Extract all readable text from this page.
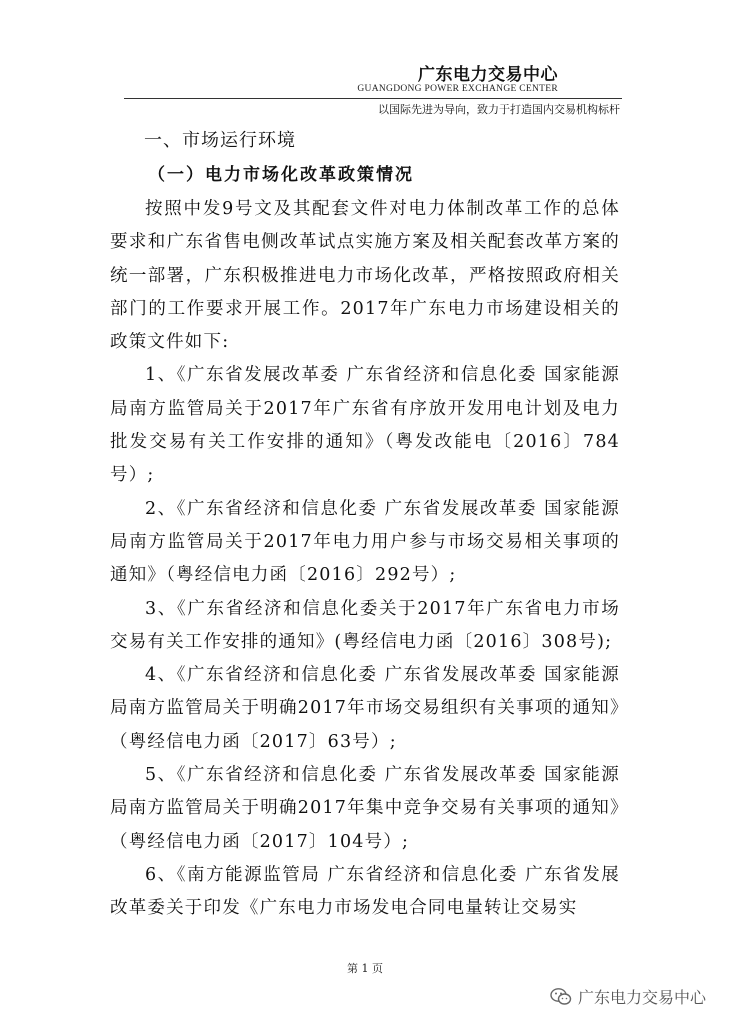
广东电力交易中心
GUANGDONG POWER EXCHANGE CENTER
以国际先进为导向，致力于打造国内交易机构标杆
一、市场运行环境
（一）电力市场化改革政策情况

按照中发9号文及其配套文件对电力体制改革工作的总体要求和广东省售电侧改革试点实施方案及相关配套改革方案的统一部署，广东积极推进电力市场化改革，严格按照政府相关部门的工作要求开展工作。2017年广东电力市场建设相关的政策文件如下:

1、《广东省发展改革委 广东省经济和信息化委 国家能源局南方监管局关于2017年广东省有序放开发用电计划及电力批发交易有关工作安排的通知》（粤发改能电〔2016〕784号）;

2、《广东省经济和信息化委 广东省发展改革委 国家能源局南方监管局关于2017年电力用户参与市场交易相关事项的通知》（粤经信电力函〔2016〕292号）;

3、《广东省经济和信息化委关于2017年广东省电力市场交易有关工作安排的通知》(粤经信电力函〔2016〕308号);

4、《广东省经济和信息化委 广东省发展改革委 国家能源局南方监管局关于明确2017年市场交易组织有关事项的通知》（粤经信电力函〔2017〕63号）;

5、《广东省经济和信息化委 广东省发展改革委 国家能源局南方监管局关于明确2017年集中竞争交易有关事项的通知》（粤经信电力函〔2017〕104号）;

6、《南方能源监管局 广东省经济和信息化委 广东省发展改革委关于印发《广东电力市场发电合同电量转让交易实

第 1 页
广东电力交易中心
